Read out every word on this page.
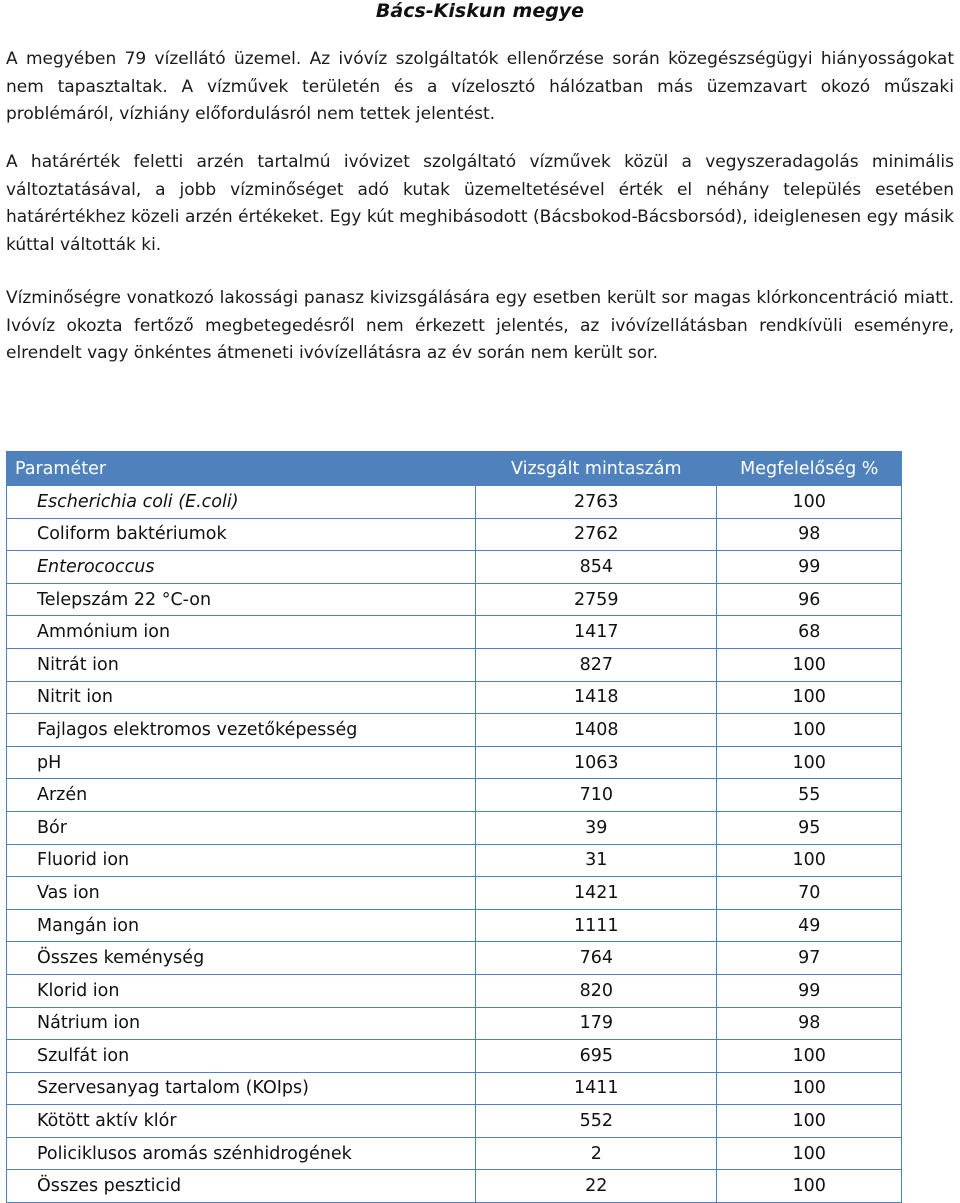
Bács-Kiskun megye

A megyében 79 vízellátó üzemel. Az ivóvíz szolgáltatók ellenőrzése során közegészségügyi hiányosságokat nem tapasztaltak. A vízművek területén és a vízelosztó hálózatban más üzemzavart okozó műszaki problémáról, vízhiány előfordulásról nem tettek jelentést.

A határérték feletti arzén tartalmú ivóvizet szolgáltató vízművek közül a vegyszeradagolás minimális változtatásával, a jobb vízminőséget adó kutak üzemeltetésével érték el néhány település esetében határértékhez közeli arzén értékeket. Egy kút meghibásodott (Bácsbokod-Bácsborsód), ideiglenesen egy másik kúttal váltották ki.

Vízminőségre vonatkozó lakossági panasz kivizsgálására egy esetben került sor magas klórkoncentráció miatt. Ivóvíz okozta fertőző megbetegedésről nem érkezett jelentés, az ivóvízellátásban rendkívüli eseményre, elrendelt vagy önkéntes átmeneti ivóvízellátásra az év során nem került sor.

Paraméter	Vizsgált mintaszám	Megfelelőség %
Escherichia coli (E.coli)	2763	100
Coliform baktériumok	2762	98
Enterococcus	854	99
Telepszám 22 °C-on	2759	96
Ammónium ion	1417	68
Nitrát ion	827	100
Nitrit ion	1418	100
Fajlagos elektromos vezetőképesség	1408	100
pH	1063	100
Arzén	710	55
Bór	39	95
Fluorid ion	31	100
Vas ion	1421	70
Mangán ion	1111	49
Összes keménység	764	97
Klorid ion	820	99
Nátrium ion	179	98
Szulfát ion	695	100
Szervesanyag tartalom (KOIps)	1411	100
Kötött aktív klór	552	100
Policiklusos aromás szénhidrogének	2	100
Összes peszticid	22	100
